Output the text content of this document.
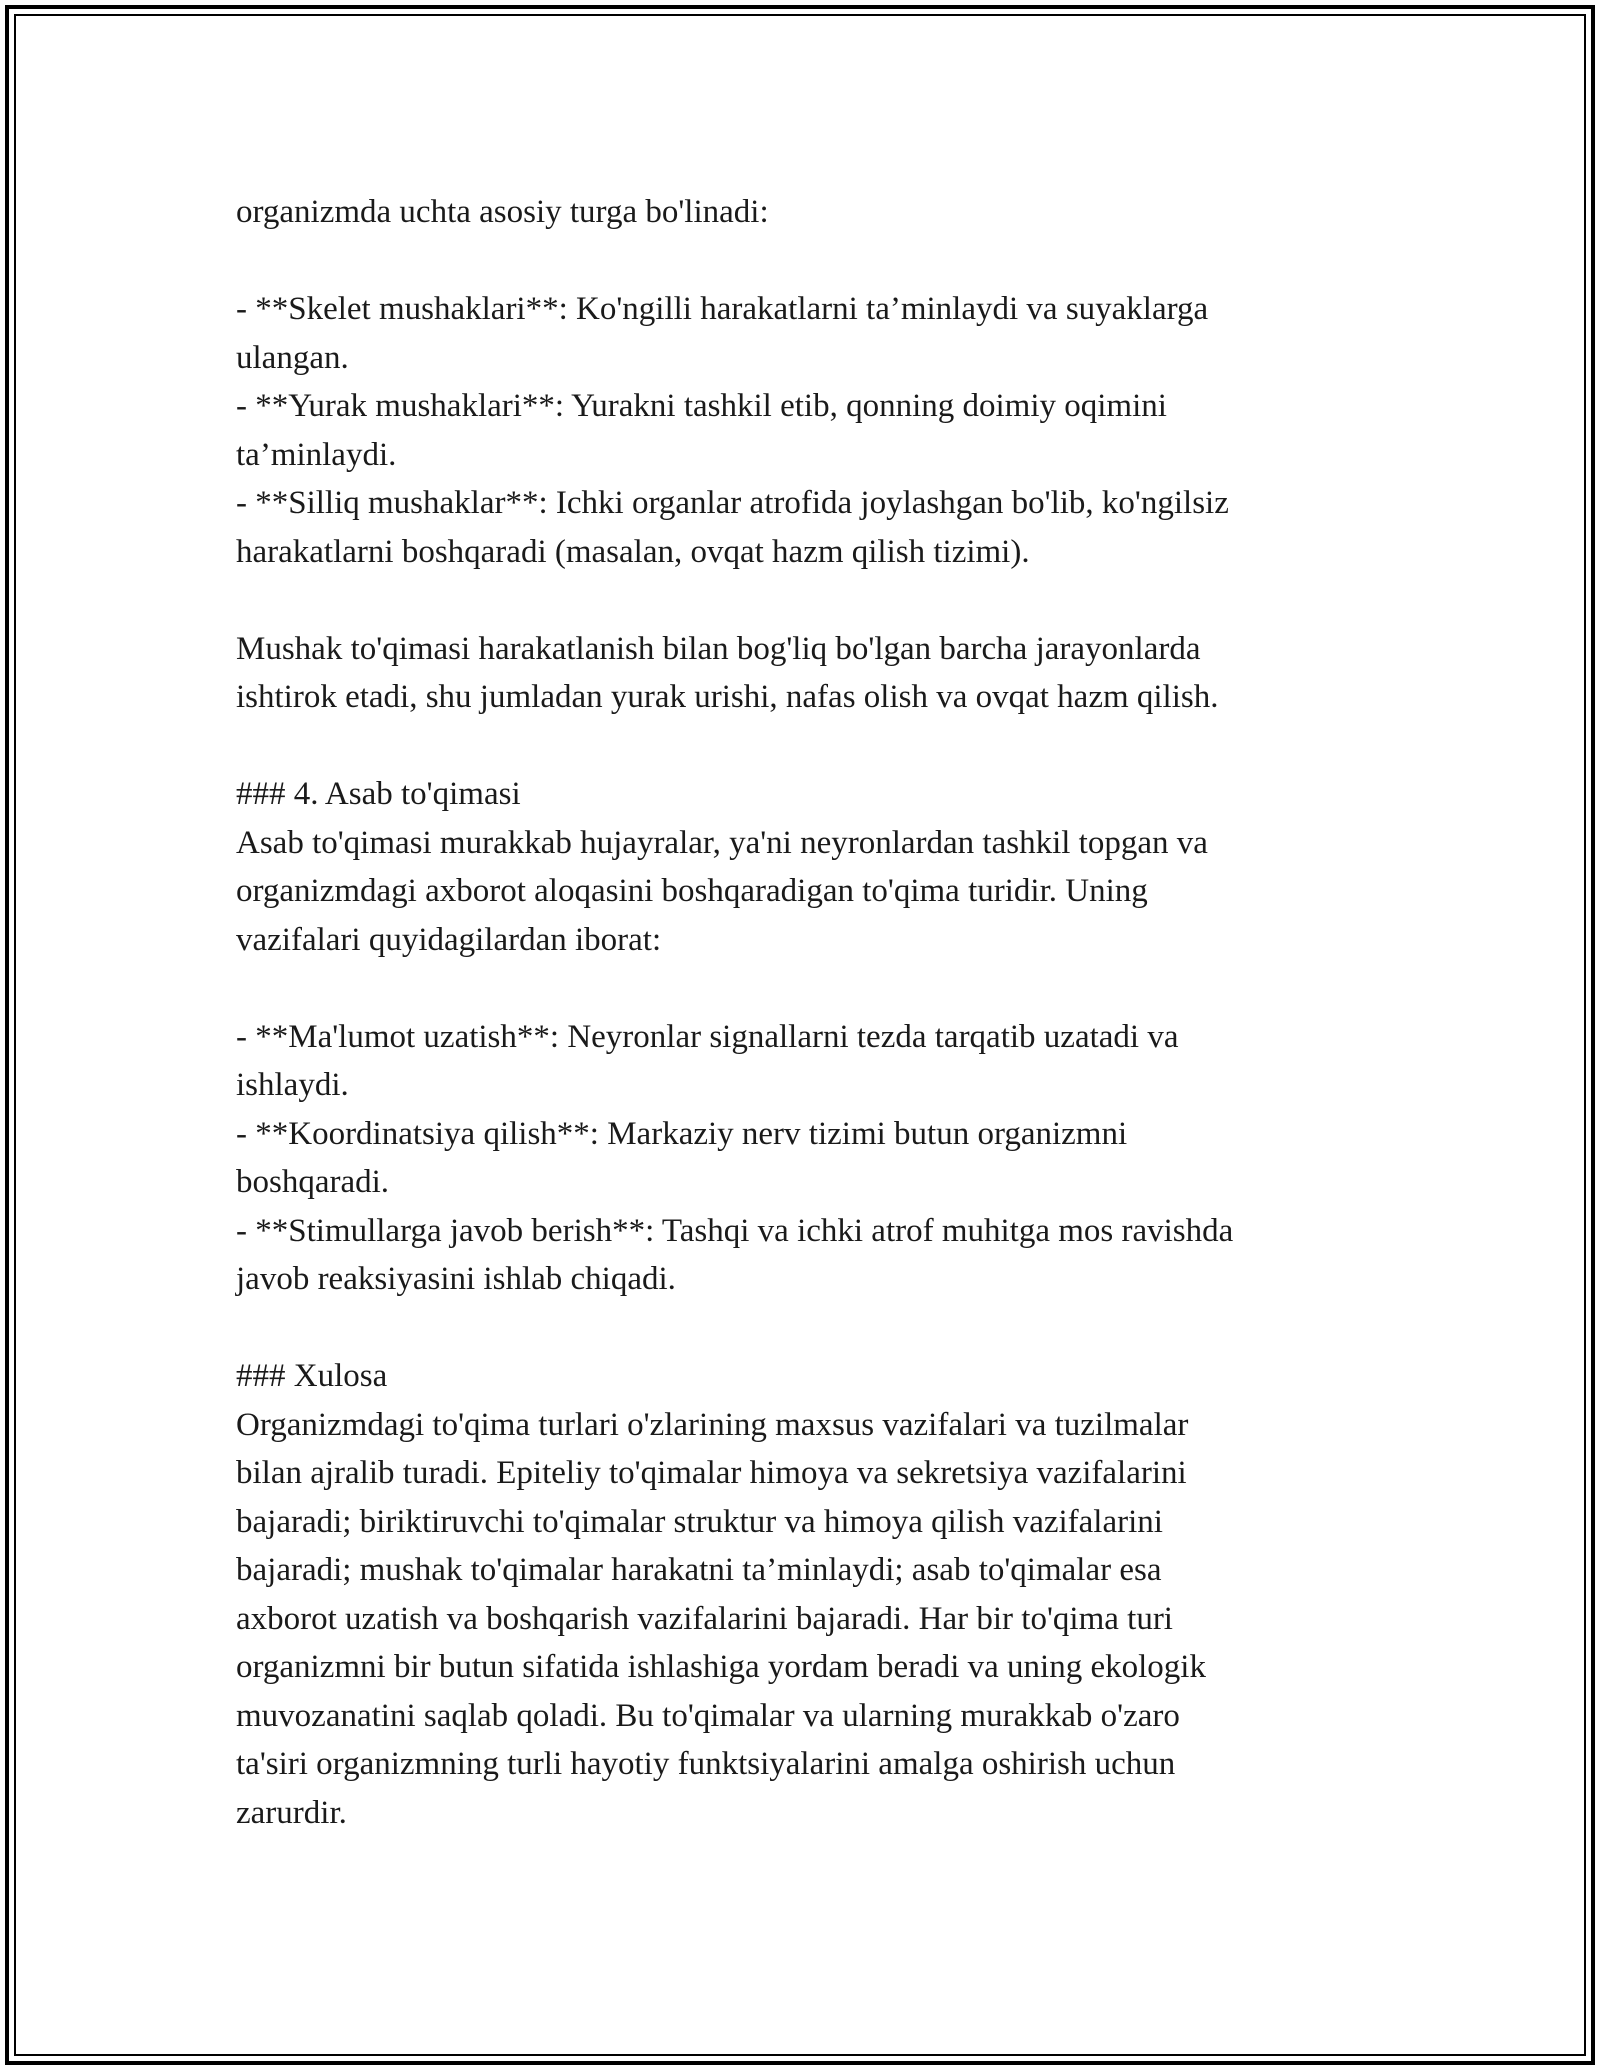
organizmda uchta asosiy turga bo'linadi:

- **Skelet mushaklari**: Ko'ngilli harakatlarni ta’minlaydi va suyaklarga
ulangan.

- **Yurak mushaklari**: Yurakni tashkil etib, qonning doimiy oqimini
ta’minlaydi.

- **Silliq mushaklar**: Ichki organlar atrofida joylashgan bo'lib, ko'ngilsiz
harakatlarni boshqaradi (masalan, ovqat hazm qilish tizimi).

Mushak to'qimasi harakatlanish bilan bog'liq bo'lgan barcha jarayonlarda
ishtirok etadi, shu jumladan yurak urishi, nafas olish va ovqat hazm qilish.

### 4. Asab to'qimasi
Asab to'qimasi murakkab hujayralar, ya'ni neyronlardan tashkil topgan va
organizmdagi axborot aloqasini boshqaradigan to'qima turidir. Uning
vazifalari quyidagilardan iborat:

- **Ma'lumot uzatish**: Neyronlar signallarni tezda tarqatib uzatadi va
ishlaydi.

- **Koordinatsiya qilish**: Markaziy nerv tizimi butun organizmni
boshqaradi.

- **Stimullarga javob berish**: Tashqi va ichki atrof muhitga mos ravishda
javob reaksiyasini ishlab chiqadi.

### Xulosa
Organizmdagi to'qima turlari o'zlarining maxsus vazifalari va tuzilmalar
bilan ajralib turadi. Epiteliy to'qimalar himoya va sekretsiya vazifalarini
bajaradi; biriktiruvchi to'qimalar struktur va himoya qilish vazifalarini
bajaradi; mushak to'qimalar harakatni ta’minlaydi; asab to'qimalar esa
axborot uzatish va boshqarish vazifalarini bajaradi. Har bir to'qima turi
organizmni bir butun sifatida ishlashiga yordam beradi va uning ekologik
muvozanatini saqlab qoladi. Bu to'qimalar va ularning murakkab o'zaro
ta'siri organizmning turli hayotiy funktsiyalarini amalga oshirish uchun
zarurdir.
